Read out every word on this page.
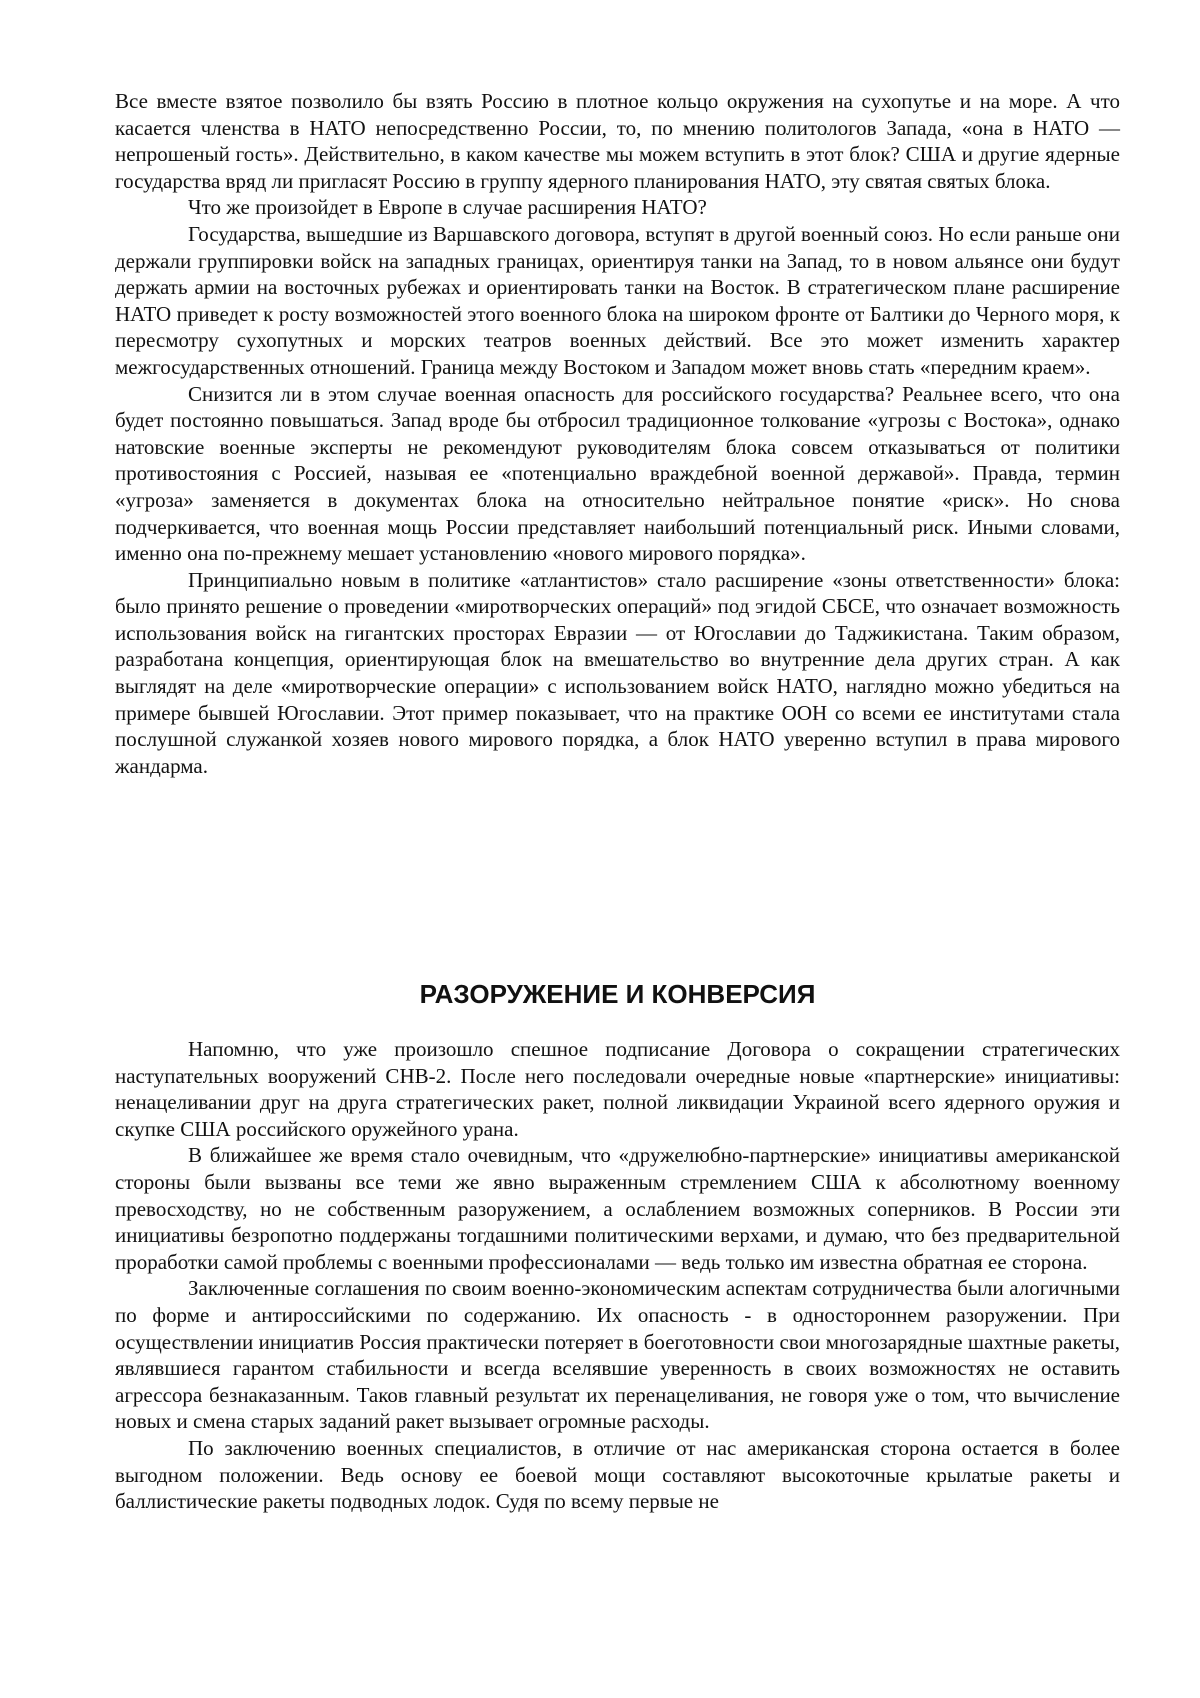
Все вместе взятое позволило бы взять Россию в плотное кольцо окружения на сухопутье и на море. А что касается членства в НАТО непосредственно России, то, по мнению политологов Запада, «она в НАТО — непрошеный гость». Действительно, в каком качестве мы можем вступить в этот блок? США и другие ядерные государства вряд ли пригласят Россию в группу ядерного планирования НАТО, эту святая святых блока.

Что же произойдет в Европе в случае расширения НАТО?

Государства, вышедшие из Варшавского договора, вступят в другой военный союз. Но если раньше они держали группировки войск на западных границах, ориентируя танки на Запад, то в новом альянсе они будут держать армии на восточных рубежах и ориентировать танки на Восток. В стратегическом плане расширение НАТО приведет к росту возможностей этого военного блока на широком фронте от Балтики до Черного моря, к пересмотру сухопутных и морских театров военных действий. Все это может изменить характер межгосударственных отношений. Граница между Востоком и Западом может вновь стать «передним краем».

Снизится ли в этом случае военная опасность для российского государства? Реальнее всего, что она будет постоянно повышаться. Запад вроде бы отбросил традиционное толкование «угрозы с Востока», однако натовские военные эксперты не рекомендуют руководителям блока совсем отказываться от политики противостояния с Россией, называя ее «потенциально враждебной военной державой». Правда, термин «угроза» заменяется в документах блока на относительно нейтральное понятие «риск». Но снова подчеркивается, что военная мощь России представляет наибольший потенциальный риск. Иными словами, именно она по-прежнему мешает установлению «нового мирового порядка».

Принципиально новым в политике «атлантистов» стало расширение «зоны ответственности» блока: было принято решение о проведении «миротворческих операций» под эгидой СБСЕ, что означает возможность использования войск на гигантских просторах Евразии — от Югославии до Таджикистана. Таким образом, разработана концепция, ориентирующая блок на вмешательство во внутренние дела других стран. А как выглядят на деле «миротворческие операции» с использованием войск НАТО, наглядно можно убедиться на примере бывшей Югославии. Этот пример показывает, что на практике ООН со всеми ее институтами стала послушной служанкой хозяев нового мирового порядка, а блок НАТО уверенно вступил в права мирового жандарма.

РАЗОРУЖЕНИЕ И КОНВЕРСИЯ

Напомню, что уже произошло спешное подписание Договора о сокращении стратегических наступательных вооружений СНВ-2. После него последовали очередные новые «партнерские» инициативы: ненацеливании друг на друга стратегических ракет, полной ликвидации Украиной всего ядерного оружия и скупке США российского оружейного урана.

В ближайшее же время стало очевидным, что «дружелюбно-партнерские» инициативы американской стороны были вызваны все теми же явно выраженным стремлением США к абсолютному военному превосходству, но не собственным разоружением, а ослаблением возможных соперников. В России эти инициативы безропотно поддержаны тогдашними политическими верхами, и думаю, что без предварительной проработки самой проблемы с военными профессионалами — ведь только им известна обратная ее сторона.

Заключенные соглашения по своим военно-экономическим аспектам сотрудничества были алогичными по форме и антироссийскими по содержанию. Их опасность - в одностороннем разоружении. При осуществлении инициатив Россия практически потеряет в боеготовности свои многозарядные шахтные ракеты, являвшиеся гарантом стабильности и всегда вселявшие уверенность в своих возможностях не оставить агрессора безнаказанным. Таков главный результат их перенацеливания, не говоря уже о том, что вычисление новых и смена старых заданий ракет вызывает огромные расходы.

По заключению военных специалистов, в отличие от нас американская сторона остается в более выгодном положении. Ведь основу ее боевой мощи составляют высокоточные крылатые ракеты и баллистические ракеты подводных лодок. Судя по всему первые не
